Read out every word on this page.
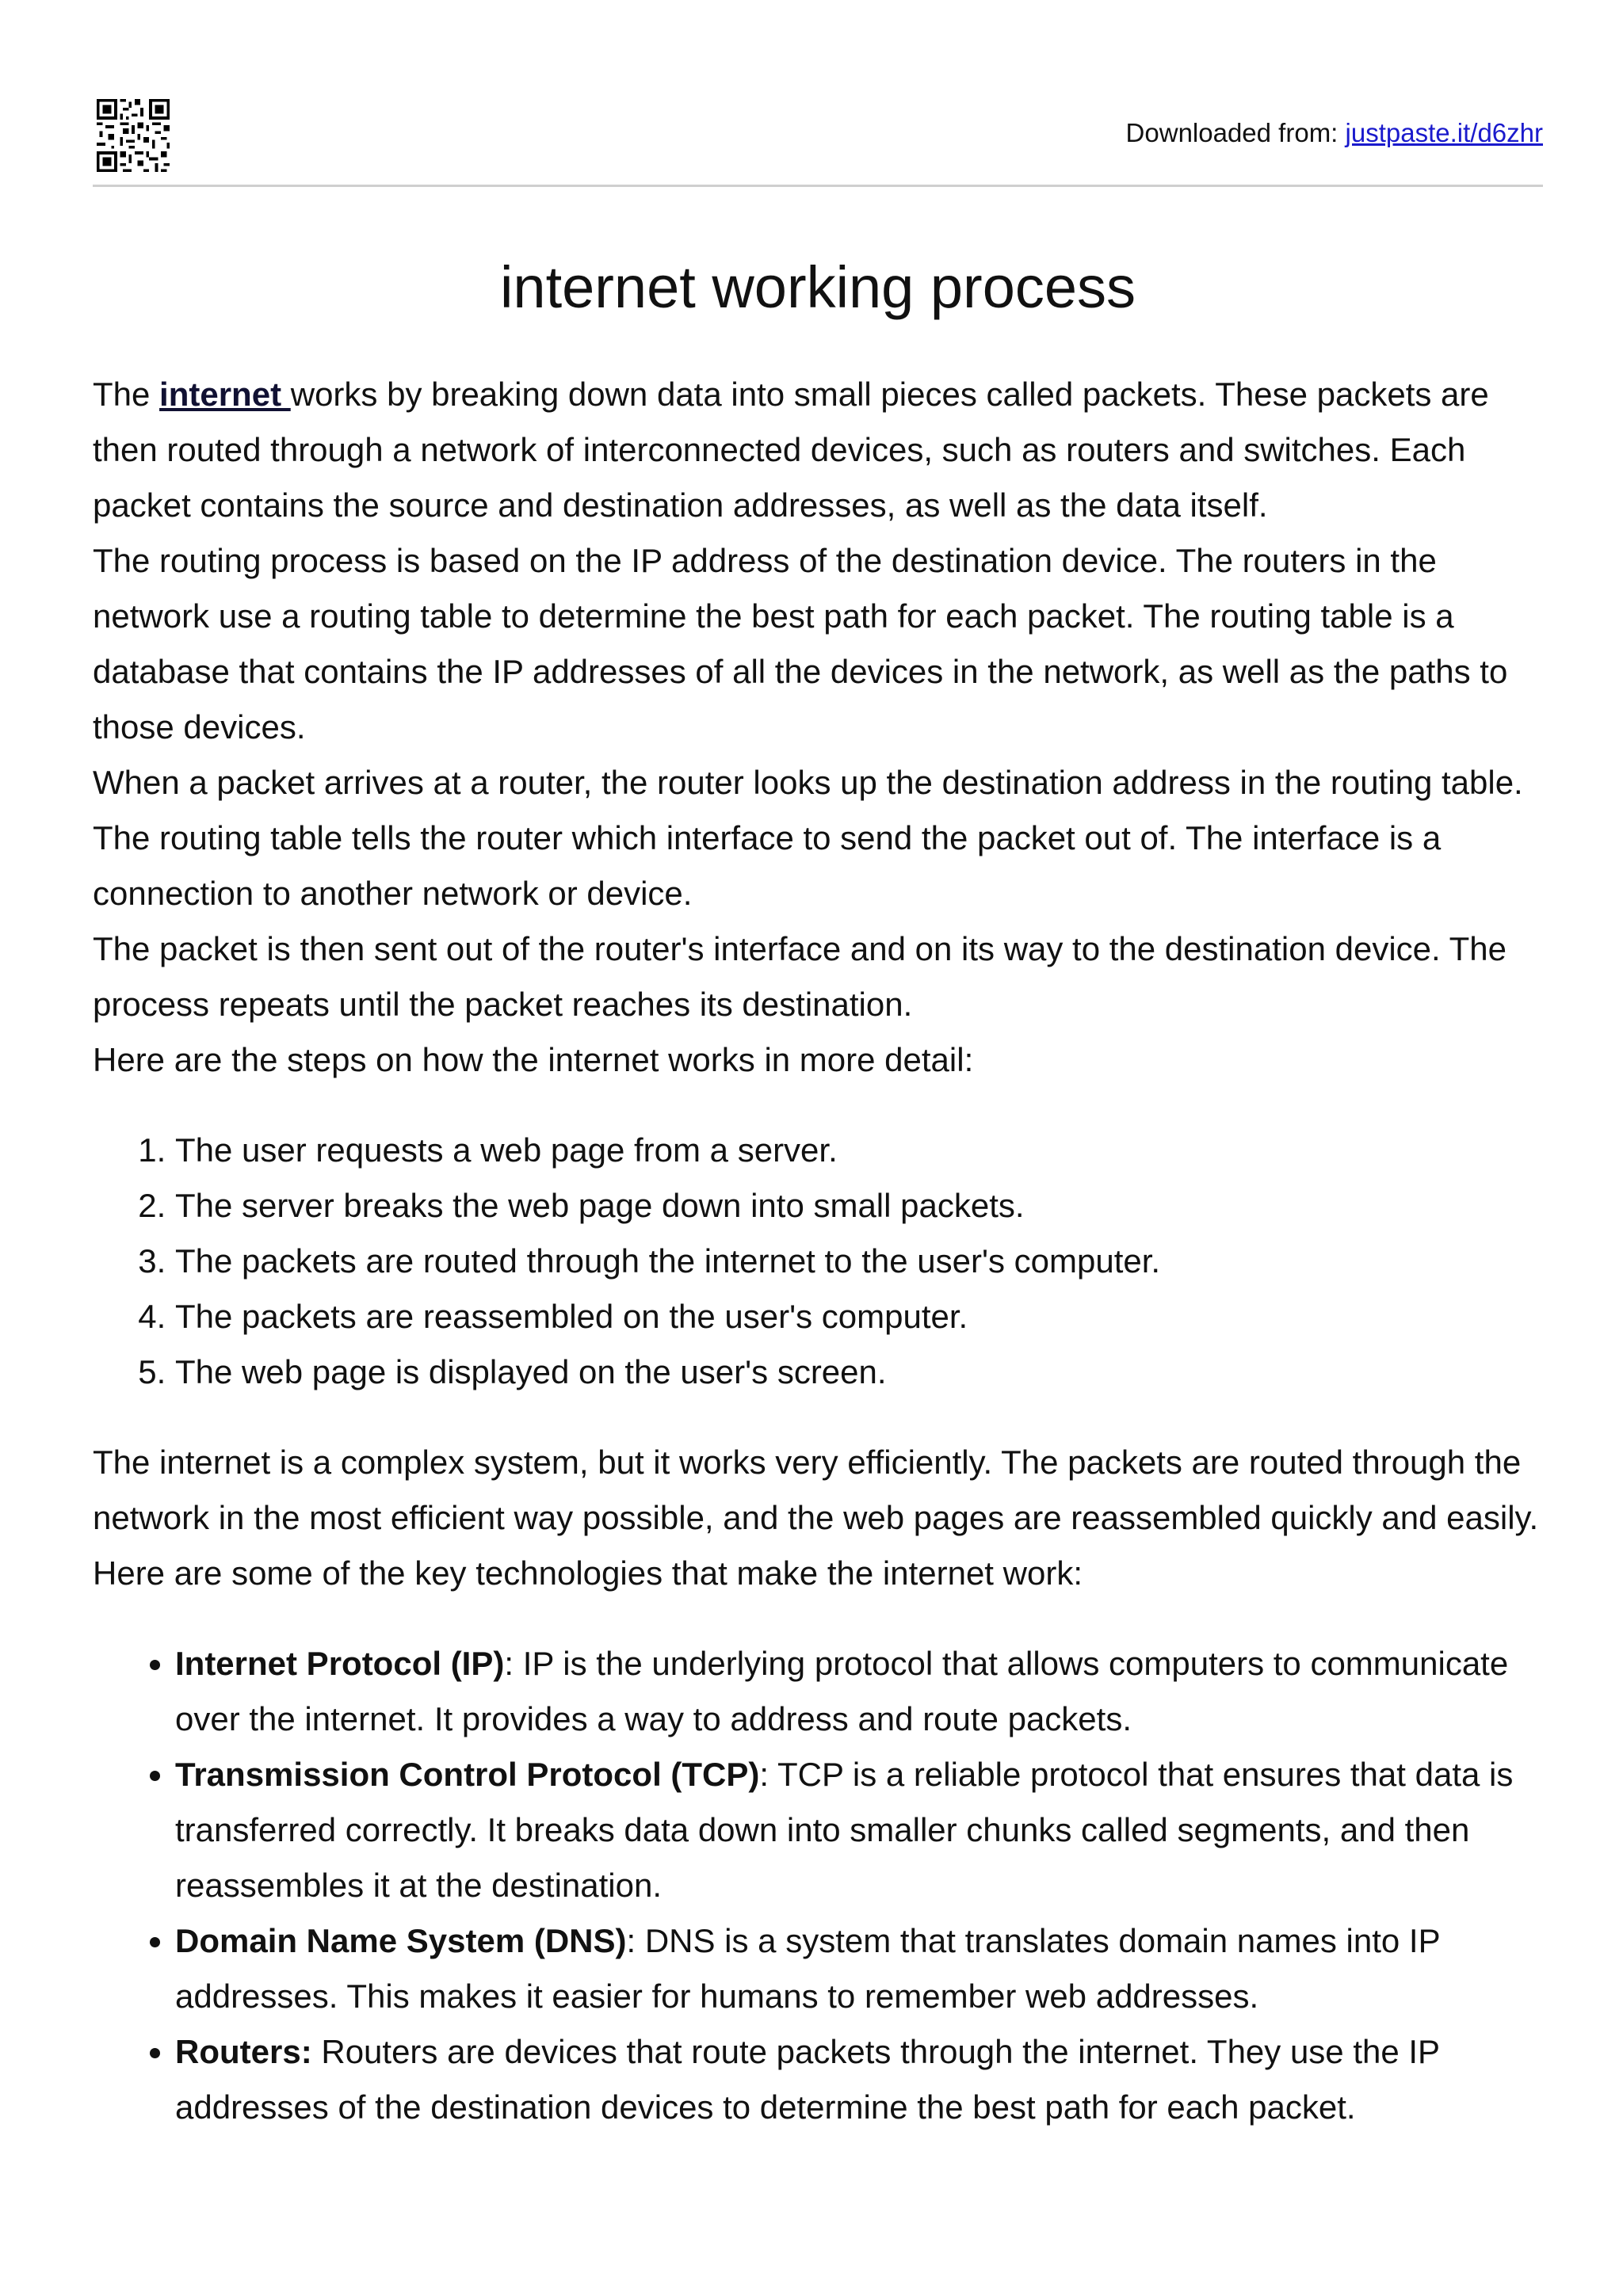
Downloaded from: justpaste.it/d6zhr
internet working process

The internet works by breaking down data into small pieces called packets. These packets are then routed through a network of interconnected devices, such as routers and switches. Each packet contains the source and destination addresses, as well as the data itself.

The routing process is based on the IP address of the destination device. The routers in the network use a routing table to determine the best path for each packet. The routing table is a database that contains the IP addresses of all the devices in the network, as well as the paths to those devices.

When a packet arrives at a router, the router looks up the destination address in the routing table. The routing table tells the router which interface to send the packet out of. The interface is a connection to another network or device.

The packet is then sent out of the router's interface and on its way to the destination device. The process repeats until the packet reaches its destination.

Here are the steps on how the internet works in more detail:

1. The user requests a web page from a server.
2. The server breaks the web page down into small packets.
3. The packets are routed through the internet to the user's computer.
4. The packets are reassembled on the user's computer.
5. The web page is displayed on the user's screen.

The internet is a complex system, but it works very efficiently. The packets are routed through the network in the most efficient way possible, and the web pages are reassembled quickly and easily.

Here are some of the key technologies that make the internet work:

• Internet Protocol (IP): IP is the underlying protocol that allows computers to communicate over the internet. It provides a way to address and route packets.
• Transmission Control Protocol (TCP): TCP is a reliable protocol that ensures that data is transferred correctly. It breaks data down into smaller chunks called segments, and then reassembles it at the destination.
• Domain Name System (DNS): DNS is a system that translates domain names into IP addresses. This makes it easier for humans to remember web addresses.
• Routers: Routers are devices that route packets through the internet. They use the IP addresses of the destination devices to determine the best path for each packet.
